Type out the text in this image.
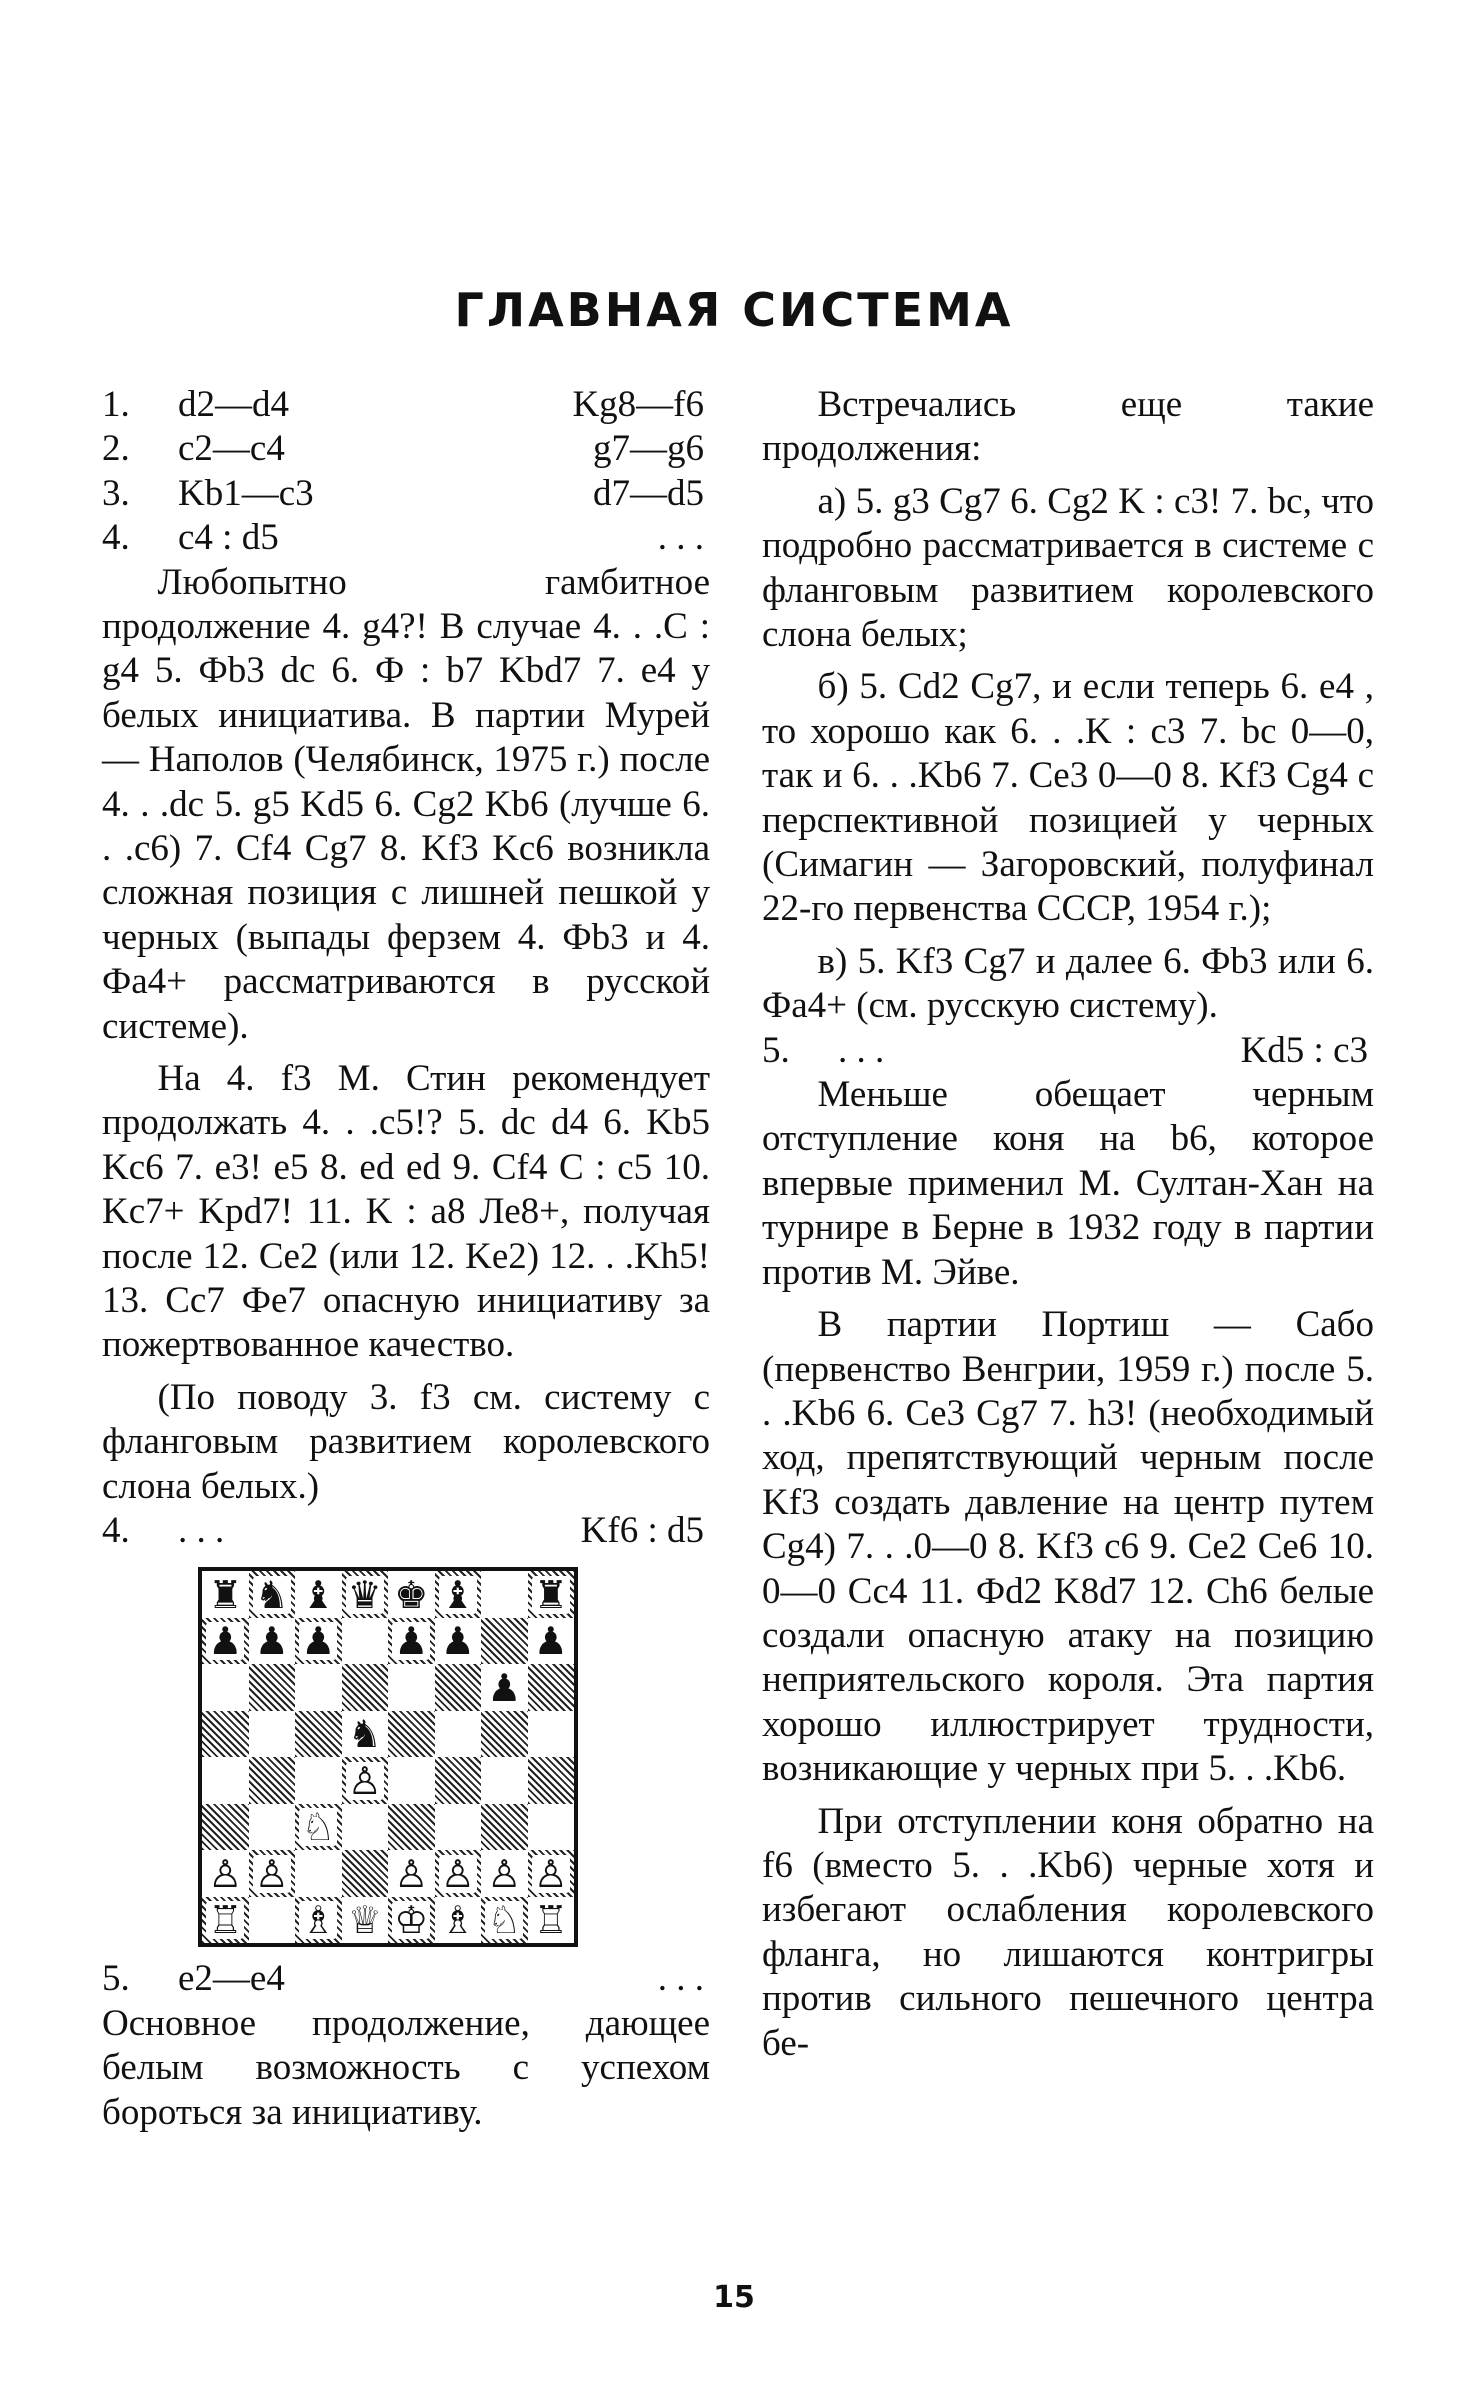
ГЛАВНАЯ СИСТЕМА
1.	d2—d4	Kg8—f6
2.	c2—c4	g7—g6
3.	Kb1—c3	d7—d5
4.	c4 : d5	. . .

Любопытно гамбитное продолжение 4. g4?! В случае 4. . .С : g4 5. Фb3 dc 6. Ф : b7 Kbd7 7. e4 у белых инициатива. В партии Мурей — Наполов (Челябинск, 1975 г.) после 4. . .dc 5. g5 Kd5 6. Cg2 Kb6 (лучше 6. . .c6) 7. Cf4 Cg7 8. Kf3 Kc6 возникла сложная позиция с лишней пешкой у черных (выпады ферзем 4. Фb3 и 4. Фa4+ рассматриваются в русской системе).

На 4. f3 М. Стин рекомендует продолжать 4. . .c5!? 5. dc d4 6. Kb5 Kc6 7. e3! e5 8. ed ed 9. Cf4 C : c5 10. Kc7+ Kpd7! 11. K : a8 Ле8+, получая после 12. Ce2 (или 12. Ke2) 12. . .Kh5! 13. Cc7 Фe7 опасную инициативу за пожертвованное качество.

(По поводу 3. f3 см. систему с фланговым развитием королевского слона белых.)

4.	. . .	Kf6 : d5
♜ ♞ ♝ ♛ ♚ ♝ ♜
♟ ♟ ♟ ♟ ♟ ♟
♟
♞
♙
♘
♙ ♙	♙ ♙ ♙ ♙
♖ ♗ ♕ ♔ ♗ ♘ ♖
5.	e2—e4	. . .

Основное продолжение, дающее белым возможность с успехом бороться за инициативу.

Встречались еще такие продолжения:

а) 5. g3 Cg7 6. Cg2 K : c3! 7. bc, что подробно рассматривается в системе с фланговым развитием королевского слона белых;

б) 5. Cd2 Cg7, и если теперь 6. e4 , то хорошо как 6. . .K : c3 7. bc 0—0, так и 6. . .Kb6 7. Ce3 0—0 8. Kf3 Cg4 с перспективной позицией у черных (Симагин — Загоровский, полуфинал 22-го первенства СССР, 1954 г.);

в) 5. Kf3 Cg7 и далее 6. Фb3 или 6. Фa4+ (см. русскую систему).

5.	. . .	Kd5 : c3

Меньше обещает черным отступление коня на b6, которое впервые применил М. Султан-Хан на турнире в Берне в 1932 году в партии против М. Эйве.

В партии Портиш — Сабо (первенство Венгрии, 1959 г.) после 5. . .Kb6 6. Ce3 Cg7 7. h3! (необходимый ход, препятствующий черным после Kf3 создать давление на центр путем Cg4) 7. . .0—0 8. Kf3 c6 9. Ce2 Ce6 10. 0—0 Cc4 11. Фd2 K8d7 12. Ch6 белые создали опасную атаку на позицию неприятельского короля. Эта партия хорошо иллюстрирует трудности, возникающие у черных при 5. . .Kb6.

При отступлении коня обратно на f6 (вместо 5. . .Kb6) черные хотя и избегают ослабления королевского фланга, но лишаются контригры против сильного пешечного центра бе-

15
